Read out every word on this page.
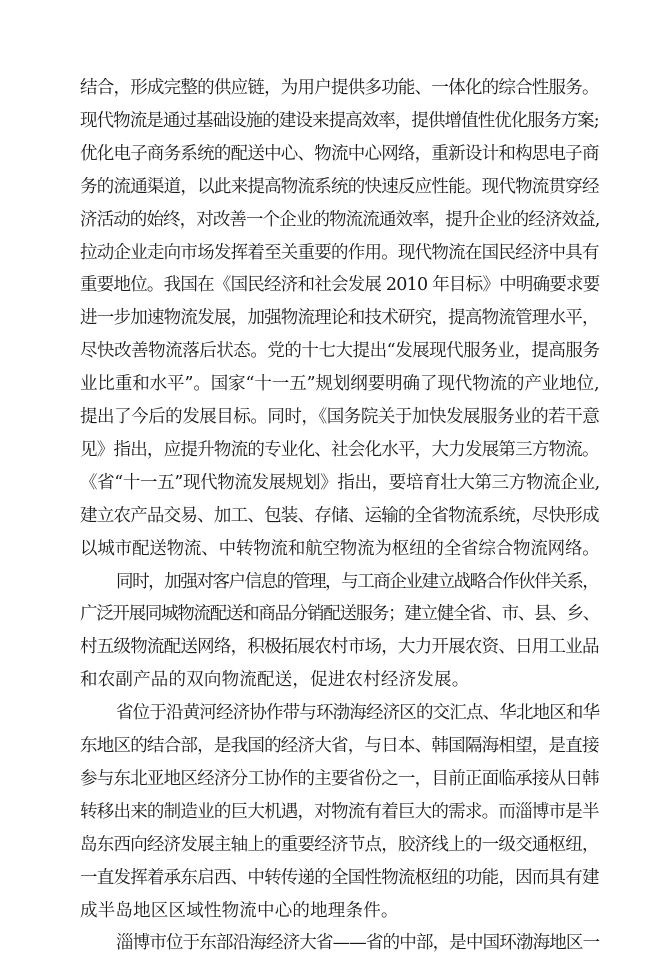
结合，形成完整的供应链，为用户提供多功能、一体化的综合性服务。
现代物流是通过基础设施的建设来提高效率，提供增值性优化服务方案;
优化电子商务系统的配送中心、物流中心网络，重新设计和构思电子商
务的流通渠道，以此来提高物流系统的快速反应性能。现代物流贯穿经
济活动的始终，对改善一个企业的物流流通效率，提升企业的经济效益,
拉动企业走向市场发挥着至关重要的作用。现代物流在国民经济中具有
重要地位。我国在《国民经济和社会发展 2010 年目标》中明确要求要
进一步加速物流发展，加强物流理论和技术研究，提高物流管理水平，
尽快改善物流落后状态。党的十七大提出“发展现代服务业，提高服务
业比重和水平”。国家“十一五”规划纲要明确了现代物流的产业地位,
提出了今后的发展目标。同时，《国务院关于加快发展服务业的若干意
见》指出，应提升物流的专业化、社会化水平，大力发展第三方物流。
《省“十一五”现代物流发展规划》指出，要培育壮大第三方物流企业,
建立农产品交易、加工、包装、存储、运输的全省物流系统，尽快形成
以城市配送物流、中转物流和航空物流为枢纽的全省综合物流网络。
同时，加强对客户信息的管理，与工商企业建立战略合作伙伴关系，
广泛开展同城物流配送和商品分销配送服务；建立健全省、市、县、乡、
村五级物流配送网络，积极拓展农村市场，大力开展农资、日用工业品
和农副产品的双向物流配送，促进农村经济发展。
省位于沿黄河经济协作带与环渤海经济区的交汇点、华北地区和华
东地区的结合部，是我国的经济大省，与日本、韩国隔海相望，是直接
参与东北亚地区经济分工协作的主要省份之一，目前正面临承接从日韩
转移出来的制造业的巨大机遇，对物流有着巨大的需求。而淄博市是半
岛东西向经济发展主轴上的重要经济节点，胶济线上的一级交通枢纽，
一直发挥着承东启西、中转传递的全国性物流枢纽的功能，因而具有建
成半岛地区区域性物流中心的地理条件。
淄博市位于东部沿海经济大省——省的中部，是中国环渤海地区一
